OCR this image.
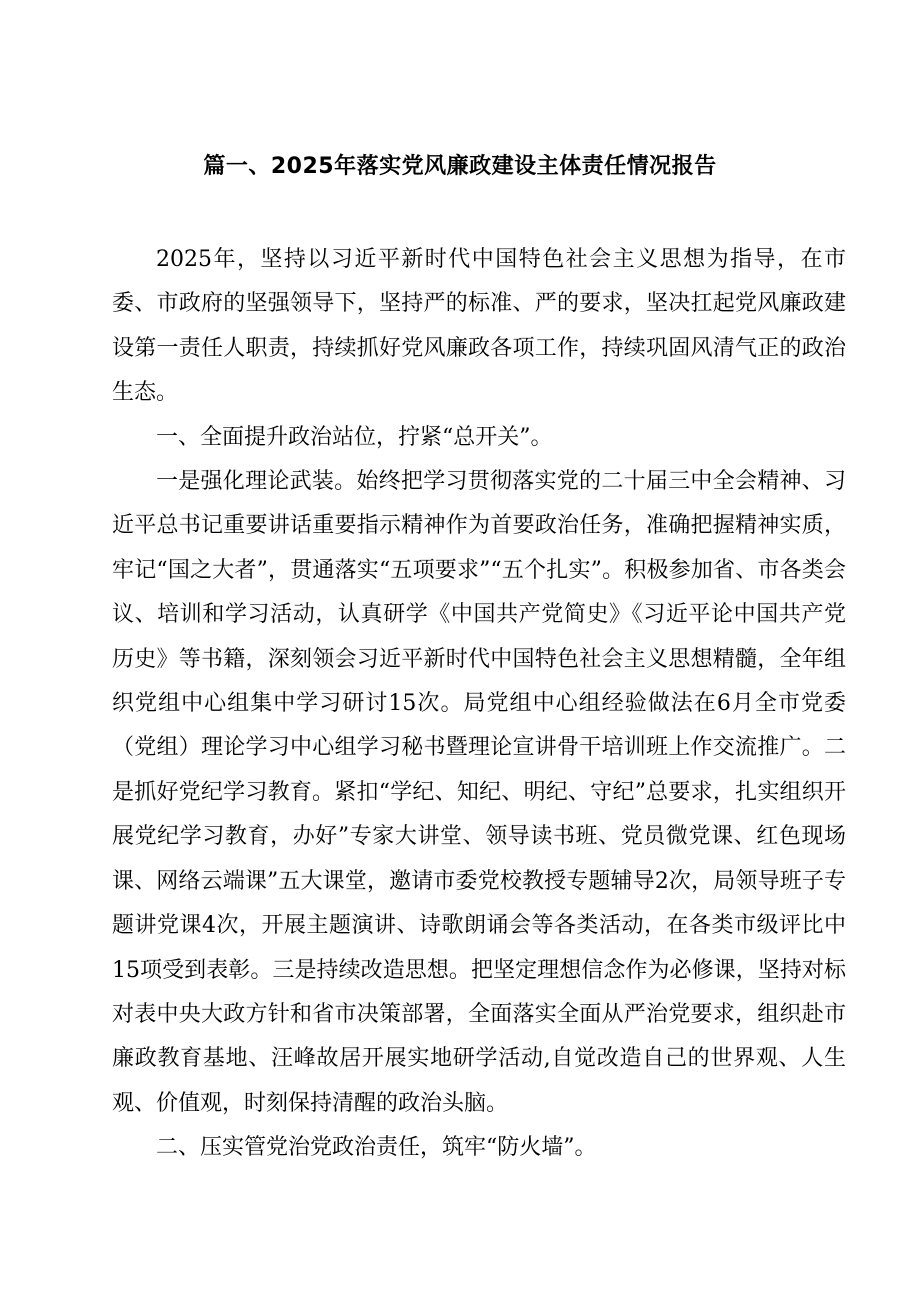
篇一、2025年落实党风廉政建设主体责任情况报告

2025年，坚持以习近平新时代中国特色社会主义思想为指导，在市委、市政府的坚强领导下，坚持严的标准、严的要求，坚决扛起党风廉政建设第一责任人职责，持续抓好党风廉政各项工作，持续巩固风清气正的政治生态。

一、全面提升政治站位，拧紧“总开关”。

一是强化理论武装。始终把学习贯彻落实党的二十届三中全会精神、习近平总书记重要讲话重要指示精神作为首要政治任务，准确把握精神实质，牢记“国之大者”，贯通落实“五项要求”“五个扎实”。积极参加省、市各类会议、培训和学习活动，认真研学《中国共产党简史》《习近平论中国共产党历史》等书籍，深刻领会习近平新时代中国特色社会主义思想精髓，全年组织党组中心组集中学习研讨15次。局党组中心组经验做法在6月全市党委（党组）理论学习中心组学习秘书暨理论宣讲骨干培训班上作交流推广。二是抓好党纪学习教育。紧扣“学纪、知纪、明纪、守纪”总要求，扎实组织开展党纪学习教育，办好”专家大讲堂、领导读书班、党员微党课、红色现场课、网络云端课”五大课堂，邀请市委党校教授专题辅导2次，局领导班子专题讲党课4次，开展主题演讲、诗歌朗诵会等各类活动，在各类市级评比中15项受到表彰。三是持续改造思想。把坚定理想信念作为必修课，坚持对标对表中央大政方针和省市决策部署，全面落实全面从严治党要求，组织赴市廉政教育基地、汪峰故居开展实地研学活动,自觉改造自己的世界观、人生观、价值观，时刻保持清醒的政治头脑。

二、压实管党治党政治责任，筑牢“防火墙”。
